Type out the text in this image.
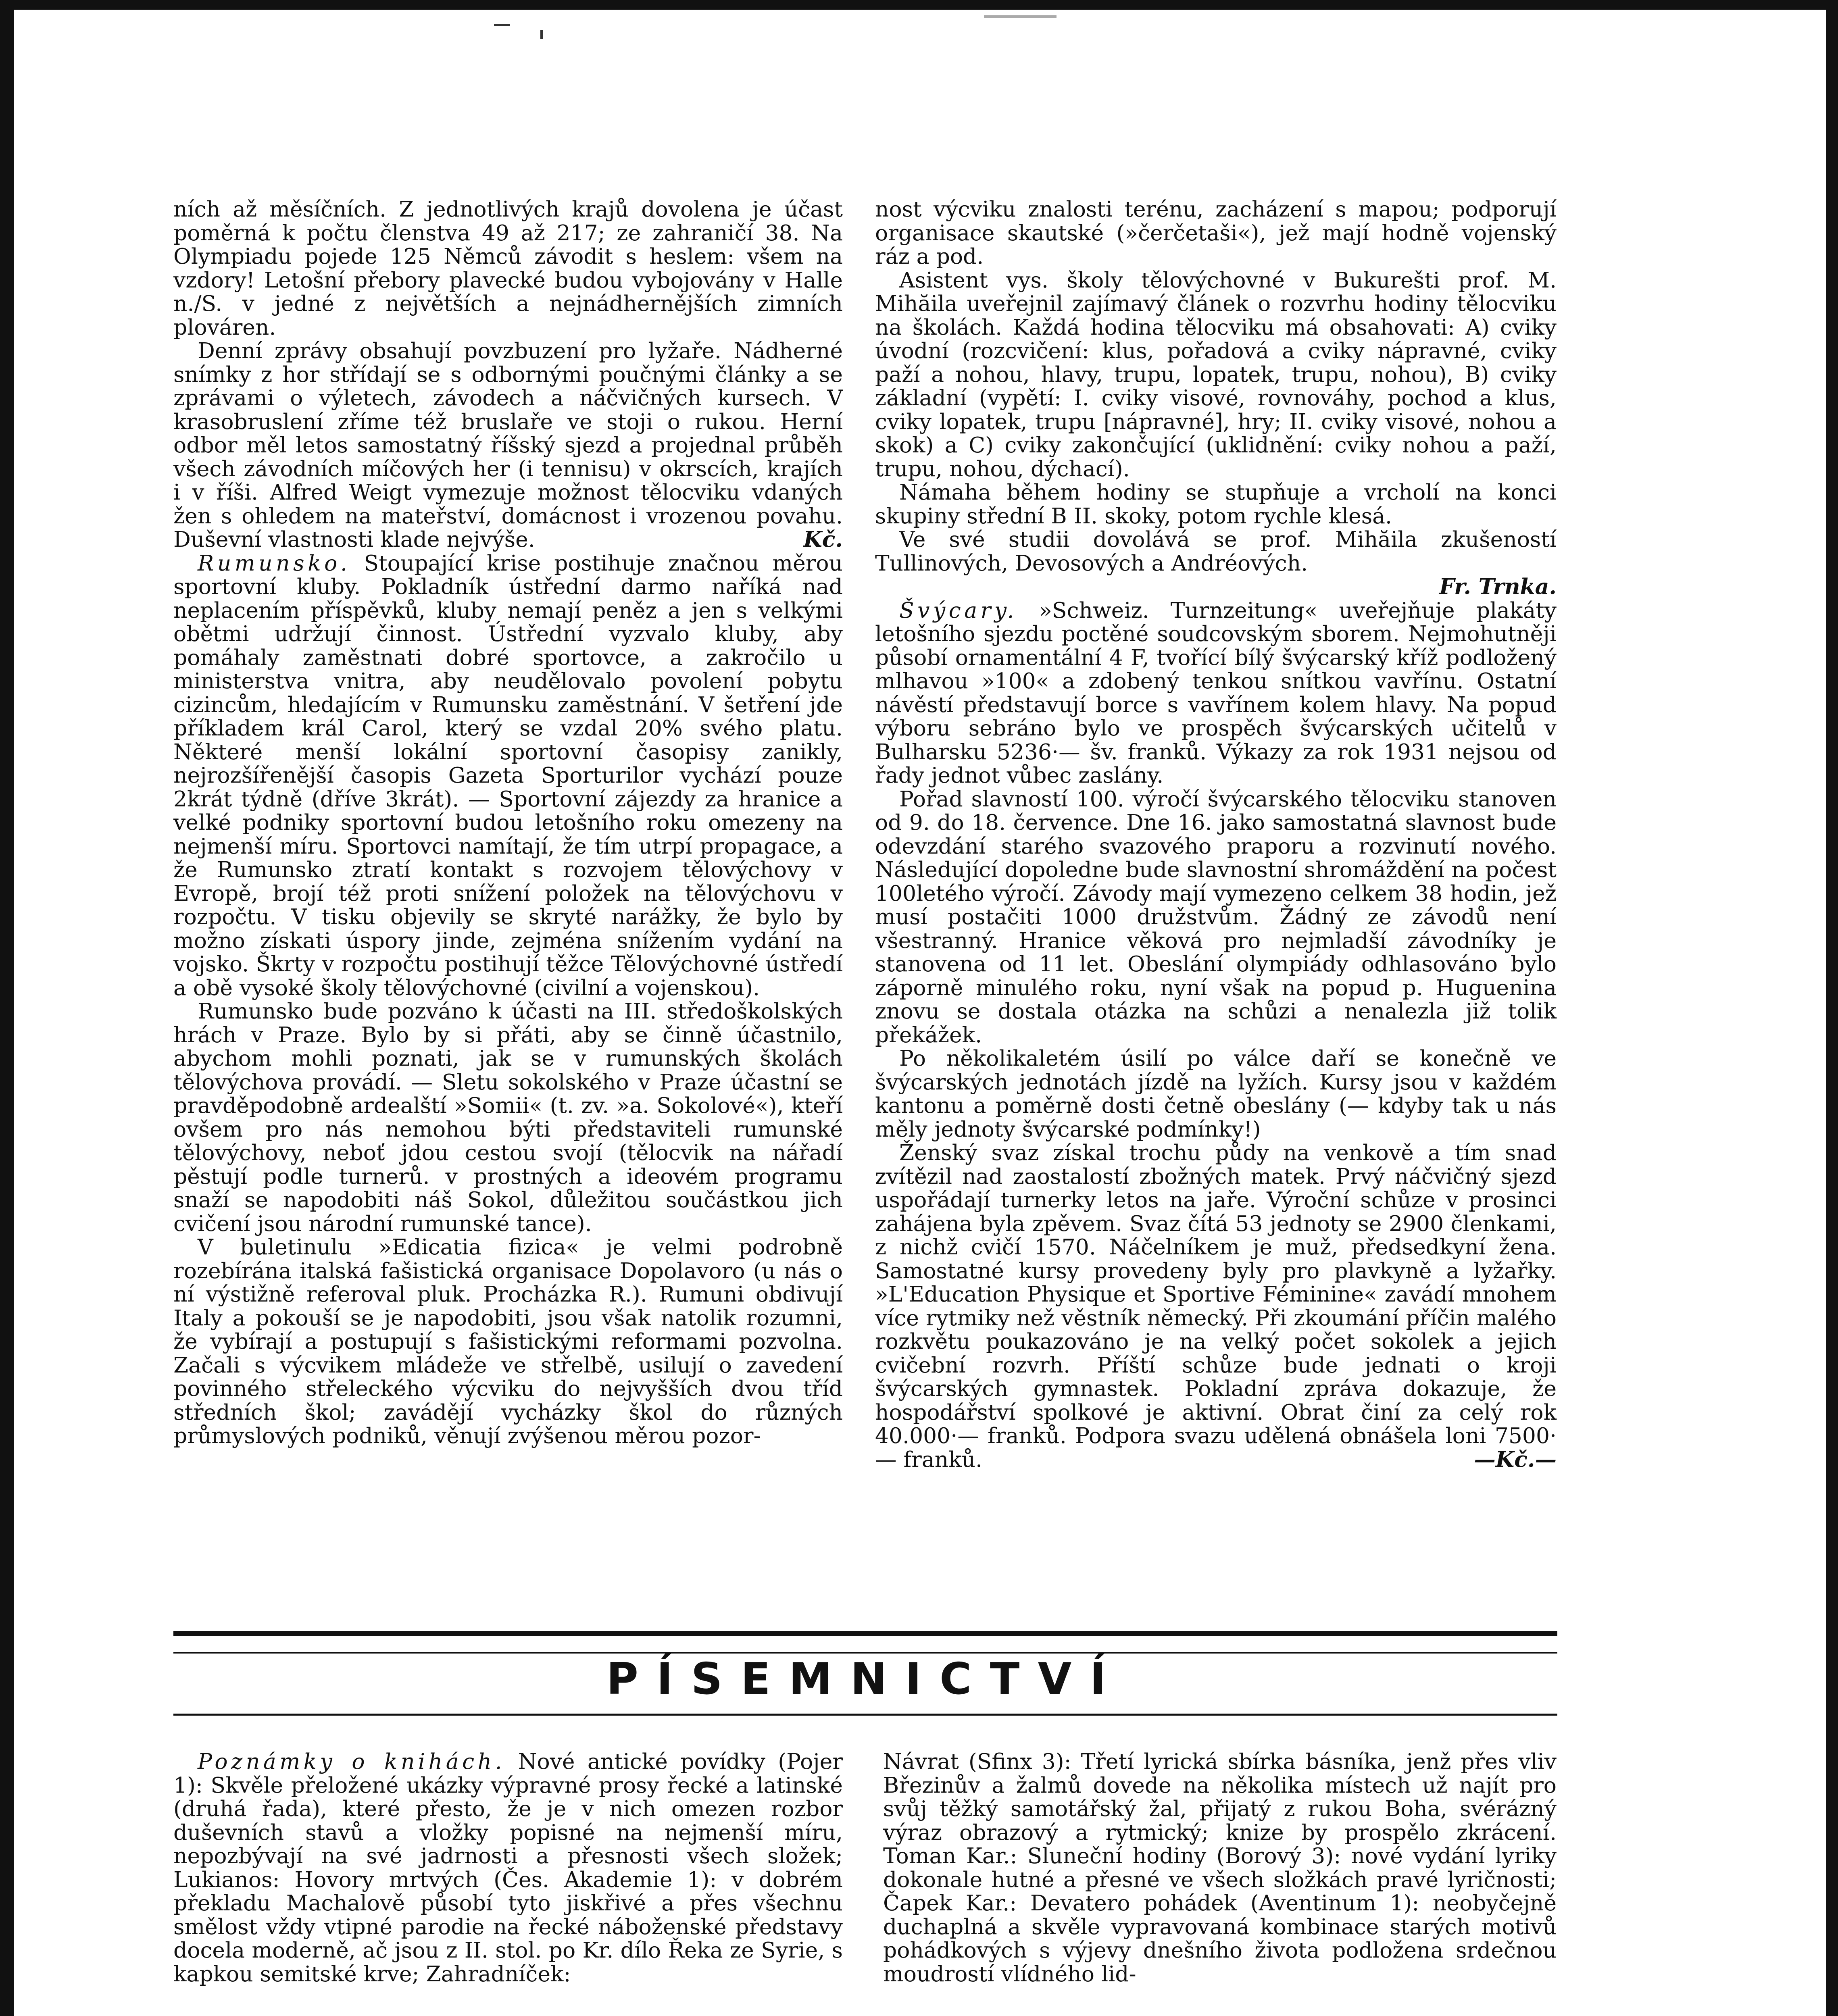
ních až měsíčních. Z jednotlivých krajů dovolena je účast poměrná k počtu členstva 49 až 217; ze zahraničí 38. Na Olympiadu pojede 125 Němců závodit s heslem: všem na vzdory! Letošní přebory plavecké budou vybojovány v Halle n./S. v jedné z největších a nejnádhernějších zimních plováren.

Denní zprávy obsahují povzbuzení pro lyžaře. Nádherné snímky z hor střídají se s odbornými poučnými články a se zprávami o výletech, závodech a náčvičných kursech. V krasobruslení zříme též bruslaře ve stoji o rukou. Herní odbor měl letos samostatný říšský sjezd a projednal průběh všech závodních míčových her (i tennisu) v okrscích, krajích i v říši. Alfred Weigt vymezuje možnost tělocviku vdaných žen s ohledem na mateřství, domácnost i vrozenou povahu. Duševní vlastnosti klade nejvýše.	Kč.

Rumunsko. Stoupající krise postihuje značnou měrou sportovní kluby. Pokladník ústřední darmo naříká nad neplacením příspěvků, kluby nemají peněz a jen s velkými obětmi udržují činnost. Ústřední vyzvalo kluby, aby pomáhaly zaměstnati dobré sportovce, a zakročilo u ministerstva vnitra, aby neudělovalo povolení pobytu cizincům, hledajícím v Rumunsku zaměstnání. V šetření jde příkladem král Carol, který se vzdal 20% svého platu. Některé menší lokální sportovní časopisy zanikly, nejrozšířenější časopis Gazeta Sporturilor vychází pouze 2krát týdně (dříve 3krát). — Sportovní zájezdy za hranice a velké podniky sportovní budou letošního roku omezeny na nejmenší míru. Sportovci namítají, že tím utrpí propagace, a že Rumunsko ztratí kontakt s rozvojem tělovýchovy v Evropě, brojí též proti snížení položek na tělovýchovu v rozpočtu. V tisku objevily se skryté narážky, že bylo by možno získati úspory jinde, zejména snížením vydání na vojsko. Škrty v rozpočtu postihují těžce Tělovýchovné ústředí a obě vysoké školy tělovýchovné (civilní a vojenskou).

Rumunsko bude pozváno k účasti na III. středoškolských hrách v Praze. Bylo by si přáti, aby se činně účastnilo, abychom mohli poznati, jak se v rumunských školách tělovýchova provádí. — Sletu sokolského v Praze účastní se pravděpodobně ardealští »Somii« (t. zv. »a. Sokolové«), kteří ovšem pro nás nemohou býti představiteli rumunské tělovýchovy, neboť jdou cestou svojí (tělocvik na nářadí pěstují podle turnerů. v prostných a ideovém programu snaží se napodobiti náš Sokol, důležitou součástkou jich cvičení jsou národní rumunské tance).

V buletinulu »Edicatia fizica« je velmi podrobně rozebírána italská fašistická organisace Dopolavoro (u nás o ní výstižně referoval pluk. Procházka R.). Rumuni obdivují Italy a pokouší se je napodobiti, jsou však natolik rozumni, že vybírají a postupují s fašistickými reformami pozvolna. Začali s výcvikem mládeže ve střelbě, usilují o zavedení povinného střeleckého výcviku do nejvyšších dvou tříd středních škol; zavádějí vycházky škol do různých průmyslových podniků, věnují zvýšenou měrou pozor-

nost výcviku znalosti terénu, zacházení s mapou; podporují organisace skautské (»čerčetaši«), jež mají hodně vojenský ráz a pod.

Asistent vys. školy tělovýchovné v Bukurešti prof. M. Mihăila uveřejnil zajímavý článek o rozvrhu hodiny tělocviku na školách. Každá hodina tělocviku má obsahovati: A) cviky úvodní (rozcvičení: klus, pořadová a cviky nápravné, cviky paží a nohou, hlavy, trupu, lopatek, trupu, nohou), B) cviky základní (vypětí: I. cviky visové, rovnováhy, pochod a klus, cviky lopatek, trupu [nápravné], hry; II. cviky visové, nohou a skok) a C) cviky zakončující (uklidnění: cviky nohou a paží, trupu, nohou, dýchací).

Námaha během hodiny se stupňuje a vrcholí na konci skupiny střední B II. skoky, potom rychle klesá.

Ve své studii dovolává se prof. Mihăila zkušeností Tullinových, Devosových a Andréových.

Fr. Trnka.

Švýcary. »Schweiz. Turnzeitung« uveřejňuje plakáty letošního sjezdu poctěné soudcovským sborem. Nejmohutněji působí ornamentální 4 F, tvořící bílý švýcarský kříž podložený mlhavou »100« a zdobený tenkou snítkou vavřínu. Ostatní návěstí představují borce s vavřínem kolem hlavy. Na popud výboru sebráno bylo ve prospěch švýcarských učitelů v Bulharsku 5236·— šv. franků. Výkazy za rok 1931 nejsou od řady jednot vůbec zaslány.

Pořad slavností 100. výročí švýcarského tělocviku stanoven od 9. do 18. července. Dne 16. jako samostatná slavnost bude odevzdání starého svazového praporu a rozvinutí nového. Následující dopoledne bude slavnostní shromáždění na počest 100letého výročí. Závody mají vymezeno celkem 38 hodin, jež musí postačiti 1000 družstvům. Žádný ze závodů není všestranný. Hranice věková pro nejmladší závodníky je stanovena od 11 let. Obeslání olympiády odhlasováno bylo záporně minulého roku, nyní však na popud p. Huguenina znovu se dostala otázka na schůzi a nenalezla již tolik překážek.

Po několikaletém úsilí po válce daří se konečně ve švýcarských jednotách jízdě na lyžích. Kursy jsou v každém kantonu a poměrně dosti četně obeslány (— kdyby tak u nás měly jednoty švýcarské podmínky!)

Ženský svaz získal trochu půdy na venkově a tím snad zvítězil nad zaostalostí zbožných matek. Prvý náčvičný sjezd uspořádají turnerky letos na jaře. Výroční schůze v prosinci zahájena byla zpěvem. Svaz čítá 53 jednoty se 2900 členkami, z nichž cvičí 1570. Náčelníkem je muž, předsedkyní žena. Samostatné kursy provedeny byly pro plavkyně a lyžařky. »L'Education Physique et Sportive Féminine« zavádí mnohem více rytmiky než věstník německý. Při zkoumání příčin malého rozkvětu poukazováno je na velký počet sokolek a jejich cvičební rozvrh. Příští schůze bude jednati o kroji švýcarských gymnastek. Pokladní zpráva dokazuje, že hospodářství spolkové je aktivní. Obrat činí za celý rok 40.000·— franků. Podpora svazu udělená obnášela loni 7500·— franků.	—Kč.—

PÍSEMNICTVÍ

Poznámky o knihách. Nové antické povídky (Pojer 1): Skvěle přeložené ukázky výpravné prosy řecké a latinské (druhá řada), které přesto, že je v nich omezen rozbor duševních stavů a vložky popisné na nejmenší míru, nepozbývají na své jadrnosti a přesnosti všech složek; Lukianos: Hovory mrtvých (Čes. Akademie 1): v dobrém překladu Machalově působí tyto jiskřivé a přes všechnu smělost vždy vtipné parodie na řecké náboženské představy docela moderně, ač jsou z II. stol. po Kr. dílo Řeka ze Syrie, s kapkou semitské krve; Zahradníček:

Návrat (Sfinx 3): Třetí lyrická sbírka básníka, jenž přes vliv Březinův a žalmů dovede na několika místech už najít pro svůj těžký samotářský žal, přijatý z rukou Boha, svérázný výraz obrazový a rytmický; knize by prospělo zkrácení. Toman Kar.: Sluneční hodiny (Borový 3): nové vydání lyriky dokonale hutné a přesné ve všech složkách pravé lyričnosti; Čapek Kar.: Devatero pohádek (Aventinum 1): neobyčejně duchaplná a skvěle vypravovaná kombinace starých motivů pohádkových s výjevy dnešního života podložena srdečnou moudrostí vlídného lid-
